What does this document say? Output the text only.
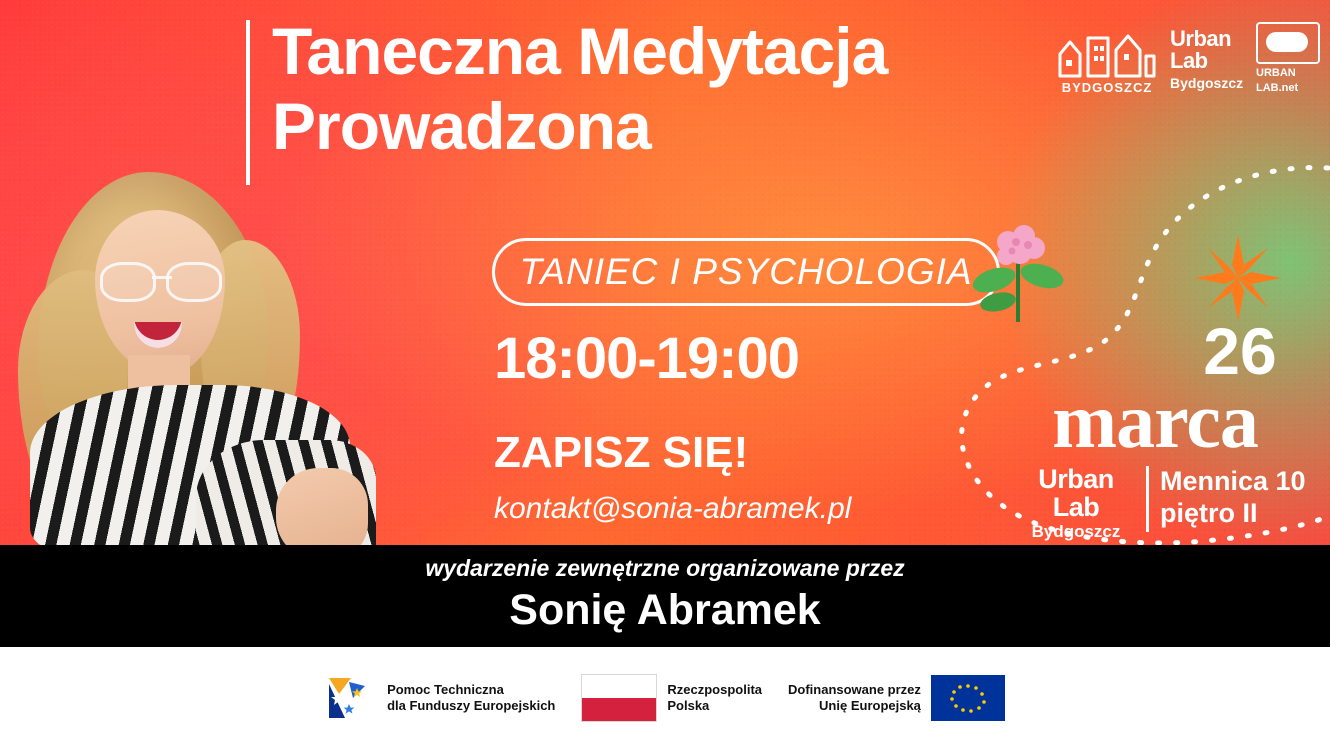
Taneczna Medytacja
Prowadzona
TANIEC I PSYCHOLOGIA
18:00-19:00
ZAPISZ SIĘ!
kontakt@sonia-abramek.pl
26
marca
Urban
Lab
Bydgoszcz
Mennica 10
piętro II
BYDGOSZCZ
Urban
Lab
Bydgoszcz
URBAN
LAB.net
wydarzenie zewnętrzne organizowane przez
Sonię Abramek
Pomoc Techniczna
dla Funduszy Europejskich
Rzeczpospolita
Polska
Dofinansowane przez
Unię Europejską
